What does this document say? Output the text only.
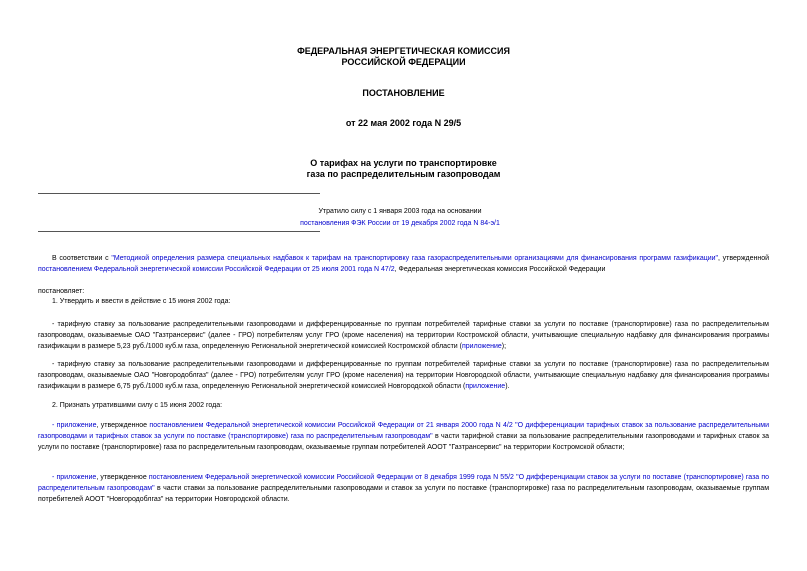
ФЕДЕРАЛЬНАЯ ЭНЕРГЕТИЧЕСКАЯ КОМИССИЯ
РОССИЙСКОЙ ФЕДЕРАЦИИ
ПОСТАНОВЛЕНИЕ
от 22 мая 2002 года N 29/5
О тарифах на услуги по транспортировке
газа по распределительным газопроводам
Утратило силу с 1 января 2003 года на основании
постановления ФЭК России от 19 декабря 2002 года N 84-э/1
В соответствии с "Методикой определения размера специальных надбавок к тарифам на транспортировку газа газораспределительными организациями для финансирования программ газификации", утвержденной постановлением Федеральной энергетической комиссии Российской Федерации от 25 июля 2001 года N 47/2, Федеральная энергетическая комиссия Российской Федерации
постановляет:
1. Утвердить и ввести в действие с 15 июня 2002 года:
- тарифную ставку за пользование распределительными газопроводами и дифференцированные по группам потребителей тарифные ставки за услуги по поставке (транспортировке) газа по распределительным газопроводам, оказываемые ОАО "Газтрансервис" (далее - ГРО) потребителям услуг ГРО (кроме населения) на территории Костромской области, учитывающие специальную надбавку для финансирования программы газификации в размере 5,23 руб./1000 куб.м газа, определенную Региональной энергетической комиссией Костромской области (приложение);
- тарифную ставку за пользование распределительными газопроводами и дифференцированные по группам потребителей тарифные ставки за услуги по поставке (транспортировке) газа по распределительным газопроводам, оказываемые ОАО "Новгородоблгаз" (далее - ГРО) потребителям услуг ГРО (кроме населения) на территории Новгородской области, учитывающие специальную надбавку для финансирования программы газификации в размере 6,75 руб./1000 куб.м газа, определенную Региональной энергетической комиссией Новгородской области (приложение).
2. Признать утратившими силу с 15 июня 2002 года:
- приложение, утвержденное постановлением Федеральной энергетической комиссии Российской Федерации от 21 января 2000 года N 4/2 "О дифференциации тарифных ставок за пользование распределительными газопроводами и тарифных ставок за услуги по поставке (транспортировке) газа по распределительным газопроводам" в части тарифной ставки за пользование распределительными газопроводами и тарифных ставок за услуги по поставке (транспортировке) газа по распределительным газопроводам, оказываемые группам потребителей АООТ "Газтрансервис" на территории Костромской области;
- приложение, утвержденное постановлением Федеральной энергетической комиссии Российской Федерации от 8 декабря 1999 года N 55/2 "О дифференциации ставок за услуги по поставке (транспортировке) газа по распределительным газопроводам" в части ставки за пользование распределительными газопроводами и ставок за услуги по поставке (транспортировке) газа по распределительным газопроводам, оказываемые группам потребителей АООТ "Новгородоблгаз" на территории Новгородской области.
